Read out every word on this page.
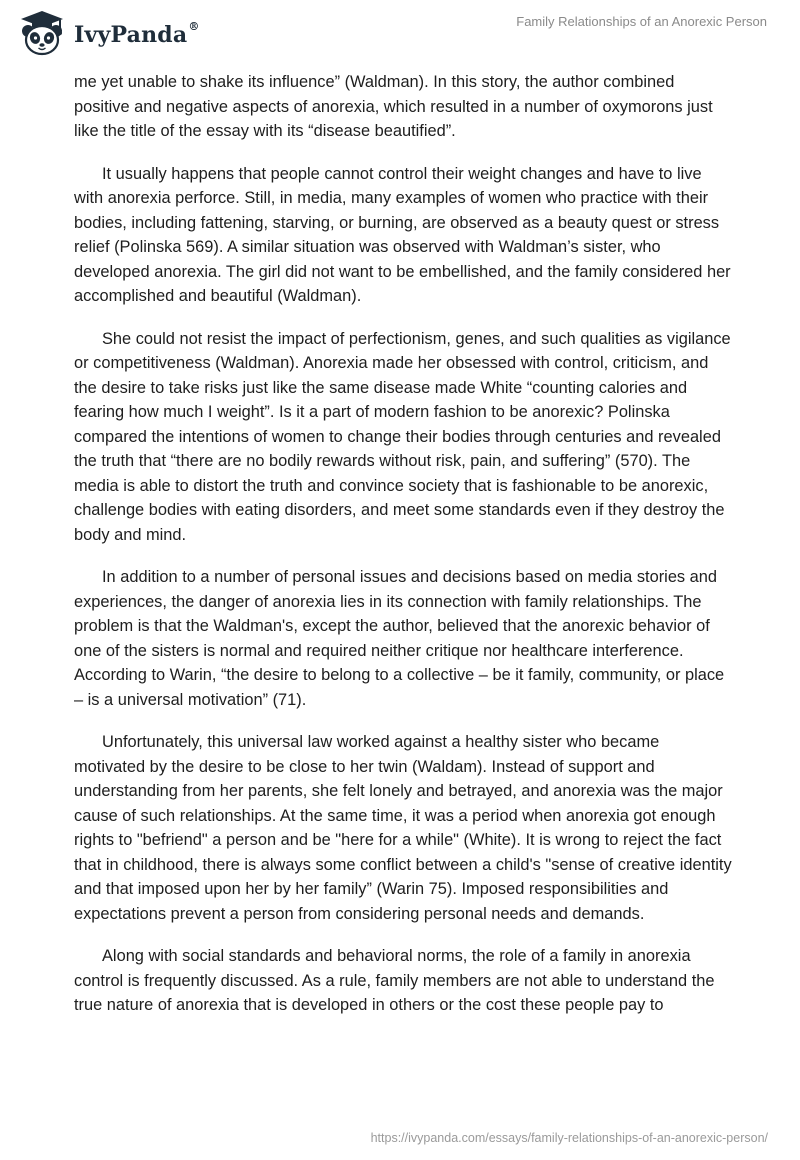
IvyPanda®	Family Relationships of an Anorexic Person

me yet unable to shake its influence” (Waldman). In this story, the author combined positive and negative aspects of anorexia, which resulted in a number of oxymorons just like the title of the essay with its “disease beautified”.

It usually happens that people cannot control their weight changes and have to live with anorexia perforce. Still, in media, many examples of women who practice with their bodies, including fattening, starving, or burning, are observed as a beauty quest or stress relief (Polinska 569). A similar situation was observed with Waldman’s sister, who developed anorexia. The girl did not want to be embellished, and the family considered her accomplished and beautiful (Waldman).

She could not resist the impact of perfectionism, genes, and such qualities as vigilance or competitiveness (Waldman). Anorexia made her obsessed with control, criticism, and the desire to take risks just like the same disease made White “counting calories and fearing how much I weight”. Is it a part of modern fashion to be anorexic? Polinska compared the intentions of women to change their bodies through centuries and revealed the truth that “there are no bodily rewards without risk, pain, and suffering” (570). The media is able to distort the truth and convince society that is fashionable to be anorexic, challenge bodies with eating disorders, and meet some standards even if they destroy the body and mind.

In addition to a number of personal issues and decisions based on media stories and experiences, the danger of anorexia lies in its connection with family relationships. The problem is that the Waldman's, except the author, believed that the anorexic behavior of one of the sisters is normal and required neither critique nor healthcare interference. According to Warin, “the desire to belong to a collective – be it family, community, or place – is a universal motivation” (71).

Unfortunately, this universal law worked against a healthy sister who became motivated by the desire to be close to her twin (Waldam). Instead of support and understanding from her parents, she felt lonely and betrayed, and anorexia was the major cause of such relationships. At the same time, it was a period when anorexia got enough rights to "befriend" a person and be "here for a while" (White). It is wrong to reject the fact that in childhood, there is always some conflict between a child's "sense of creative identity and that imposed upon her by her family” (Warin 75). Imposed responsibilities and expectations prevent a person from considering personal needs and demands.

Along with social standards and behavioral norms, the role of a family in anorexia control is frequently discussed. As a rule, family members are not able to understand the true nature of anorexia that is developed in others or the cost these people pay to

https://ivypanda.com/essays/family-relationships-of-an-anorexic-person/
